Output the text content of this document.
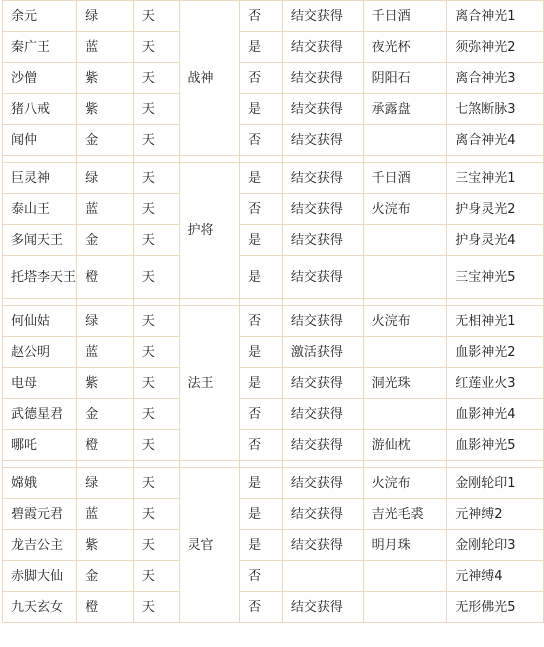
余元	绿	天	战神	否	结交获得	千日酒	离合神光1
秦广王	蓝	天		是	结交获得	夜光杯	须弥神光2
沙僧	紫	天		否	结交获得	阴阳石	离合神光3
猪八戒	紫	天		是	结交获得	承露盘	七煞断脉3
闻仲	金	天		否	结交获得		离合神光4

巨灵神	绿	天	护将	是	结交获得	千日酒	三宝神光1
泰山王	蓝	天		否	结交获得	火浣布	护身灵光2
多闻天王	金	天		是	结交获得		护身灵光4
托塔李天王	橙	天		是	结交获得		三宝神光5

何仙姑	绿	天	法王	否	结交获得	火浣布	无相神光1
赵公明	蓝	天		是	激活获得		血影神光2
电母	紫	天		是	结交获得	洞光珠	红莲业火3
武德星君	金	天		否	结交获得		血影神光4
哪吒	橙	天		否	结交获得	游仙枕	血影神光5

嫦娥	绿	天	灵官	是	结交获得	火浣布	金刚轮印1
碧霞元君	蓝	天		是	结交获得	吉光毛裘	元神缚2
龙吉公主	紫	天		是	结交获得	明月珠	金刚轮印3
赤脚大仙	金	天		否			元神缚4
九天玄女	橙	天		否	结交获得		无形佛光5
